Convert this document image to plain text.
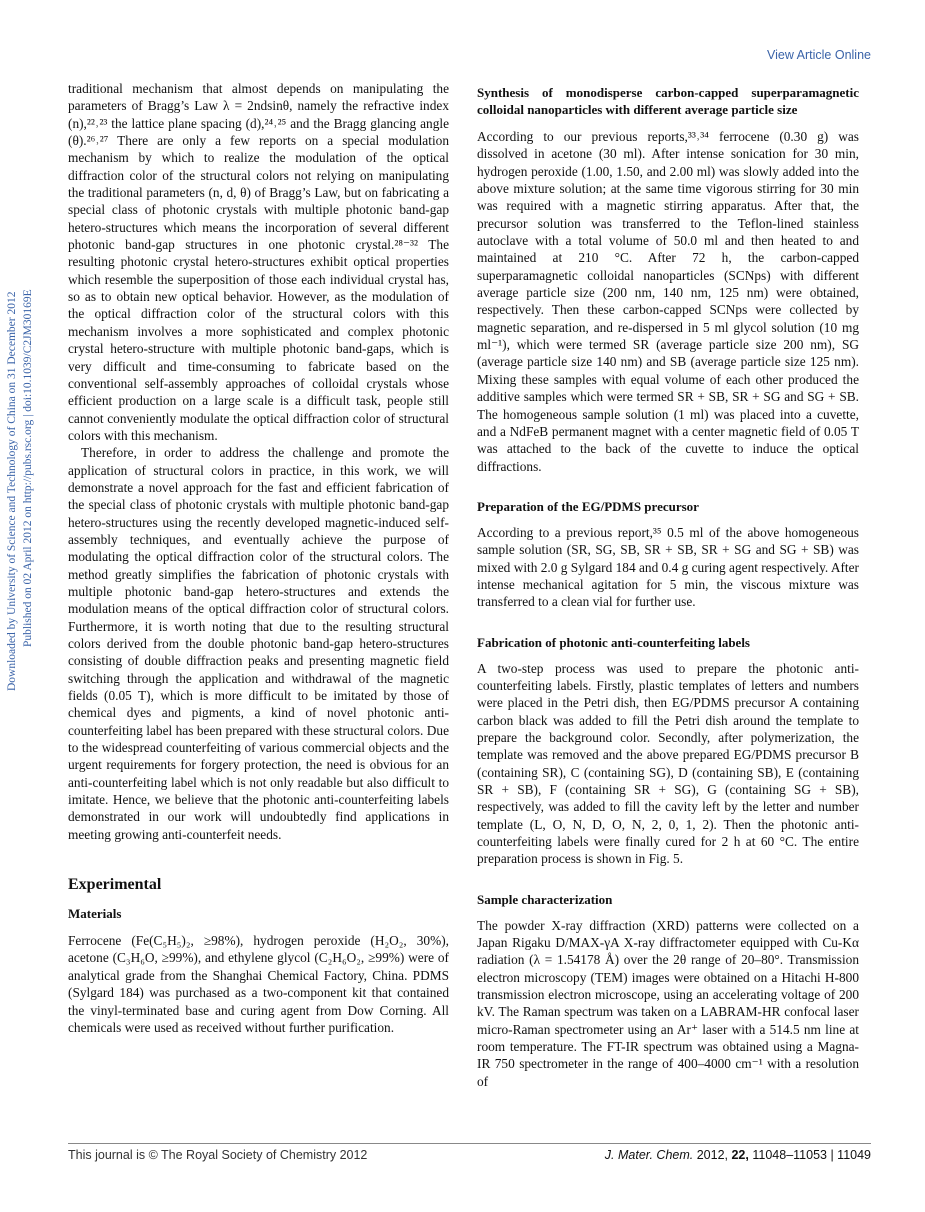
View Article Online
Downloaded by University of Science and Technology of China on 31 December 2012 Published on 02 April 2012 on http://pubs.rsc.org | doi:10.1039/C2JM30169E

traditional mechanism that almost depends on manipulating the parameters of Bragg’s Law λ = 2ndsinθ, namely the refractive index (n),²²˒²³ the lattice plane spacing (d),²⁴˒²⁵ and the Bragg glancing angle (θ).²⁶˒²⁷ There are only a few reports on a special modulation mechanism by which to realize the modulation of the optical diffraction color of the structural colors not relying on manipulating the traditional parameters (n, d, θ) of Bragg’s Law, but on fabricating a special class of photonic crystals with multiple photonic band-gap hetero-structures which means the incorporation of several different photonic band-gap structures in one photonic crystal.²⁸⁻³² The resulting photonic crystal hetero-structures exhibit optical properties which resemble the superposition of those each individual crystal has, so as to obtain new optical behavior. However, as the modulation of the optical diffraction color of the structural colors with this mechanism involves a more sophisticated and complex photonic crystal hetero-structure with multiple photonic band-gaps, which is very difficult and time-consuming to fabricate based on the conventional self-assembly approaches of colloidal crystals whose efficient production on a large scale is a difficult task, people still cannot conveniently modulate the optical diffraction color of structural colors with this mechanism.

Therefore, in order to address the challenge and promote the application of structural colors in practice, in this work, we will demonstrate a novel approach for the fast and efficient fabrication of the special class of photonic crystals with multiple photonic band-gap hetero-structures using the recently developed magnetic-induced self-assembly techniques, and eventually achieve the purpose of modulating the optical diffraction color of the structural colors. The method greatly simplifies the fabrication of photonic crystals with multiple photonic band-gap hetero-structures and extends the modulation means of the optical diffraction color of structural colors. Furthermore, it is worth noting that due to the resulting structural colors derived from the double photonic band-gap hetero-structures consisting of double diffraction peaks and presenting magnetic field switching through the application and withdrawal of the magnetic fields (0.05 T), which is more difficult to be imitated by those of chemical dyes and pigments, a kind of novel photonic anti-counterfeiting label has been prepared with these structural colors. Due to the widespread counterfeiting of various commercial objects and the urgent requirements for forgery protection, the need is obvious for an anti-counterfeiting label which is not only readable but also difficult to imitate. Hence, we believe that the photonic anti-counterfeiting labels demonstrated in our work will undoubtedly find applications in meeting growing anti-counterfeit needs.

Experimental
Materials

Ferrocene (Fe(C₅H₅)₂, ≥98%), hydrogen peroxide (H₂O₂, 30%), acetone (C₃H₆O, ≥99%), and ethylene glycol (C₂H₆O₂, ≥99%) were of analytical grade from the Shanghai Chemical Factory, China. PDMS (Sylgard 184) was purchased as a two-component kit that contained the vinyl-terminated base and curing agent from Dow Corning. All chemicals were used as received without further purification.

Synthesis of monodisperse carbon-capped superparamagnetic colloidal nanoparticles with different average particle size

According to our previous reports,³³˒³⁴ ferrocene (0.30 g) was dissolved in acetone (30 ml). After intense sonication for 30 min, hydrogen peroxide (1.00, 1.50, and 2.00 ml) was slowly added into the above mixture solution; at the same time vigorous stirring for 30 min was required with a magnetic stirring apparatus. After that, the precursor solution was transferred to the Teflon-lined stainless autoclave with a total volume of 50.0 ml and then heated to and maintained at 210 °C. After 72 h, the carbon-capped superparamagnetic colloidal nanoparticles (SCNps) with different average particle size (200 nm, 140 nm, 125 nm) were obtained, respectively. Then these carbon-capped SCNps were collected by magnetic separation, and re-dispersed in 5 ml glycol solution (10 mg ml⁻¹), which were termed SR (average particle size 200 nm), SG (average particle size 140 nm) and SB (average particle size 125 nm). Mixing these samples with equal volume of each other produced the additive samples which were termed SR + SB, SR + SG and SG + SB. The homogeneous sample solution (1 ml) was placed into a cuvette, and a NdFeB permanent magnet with a center magnetic field of 0.05 T was attached to the back of the cuvette to induce the optical diffractions.

Preparation of the EG/PDMS precursor

According to a previous report,³⁵ 0.5 ml of the above homogeneous sample solution (SR, SG, SB, SR + SB, SR + SG and SG + SB) was mixed with 2.0 g Sylgard 184 and 0.4 g curing agent respectively. After intense mechanical agitation for 5 min, the viscous mixture was transferred to a clean vial for further use.

Fabrication of photonic anti-counterfeiting labels

A two-step process was used to prepare the photonic anti-counterfeiting labels. Firstly, plastic templates of letters and numbers were placed in the Petri dish, then EG/PDMS precursor A containing carbon black was added to fill the Petri dish around the template to prepare the background color. Secondly, after polymerization, the template was removed and the above prepared EG/PDMS precursor B (containing SR), C (containing SG), D (containing SB), E (containing SR + SB), F (containing SR + SG), G (containing SG + SB), respectively, was added to fill the cavity left by the letter and number template (L, O, N, D, O, N, 2, 0, 1, 2). Then the photonic anti-counterfeiting labels were finally cured for 2 h at 60 °C. The entire preparation process is shown in Fig. 5.

Sample characterization

The powder X-ray diffraction (XRD) patterns were collected on a Japan Rigaku D/MAX-γA X-ray diffractometer equipped with Cu-Kα radiation (λ = 1.54178 Å) over the 2θ range of 20–80°. Transmission electron microscopy (TEM) images were obtained on a Hitachi H-800 transmission electron microscope, using an accelerating voltage of 200 kV. The Raman spectrum was taken on a LABRAM-HR confocal laser micro-Raman spectrometer using an Ar⁺ laser with a 514.5 nm line at room temperature. The FT-IR spectrum was obtained using a Magna-IR 750 spectrometer in the range of 400–4000 cm⁻¹ with a resolution of

This journal is © The Royal Society of Chemistry 2012	J. Mater. Chem. 2012, 22, 11048–11053 | 11049
